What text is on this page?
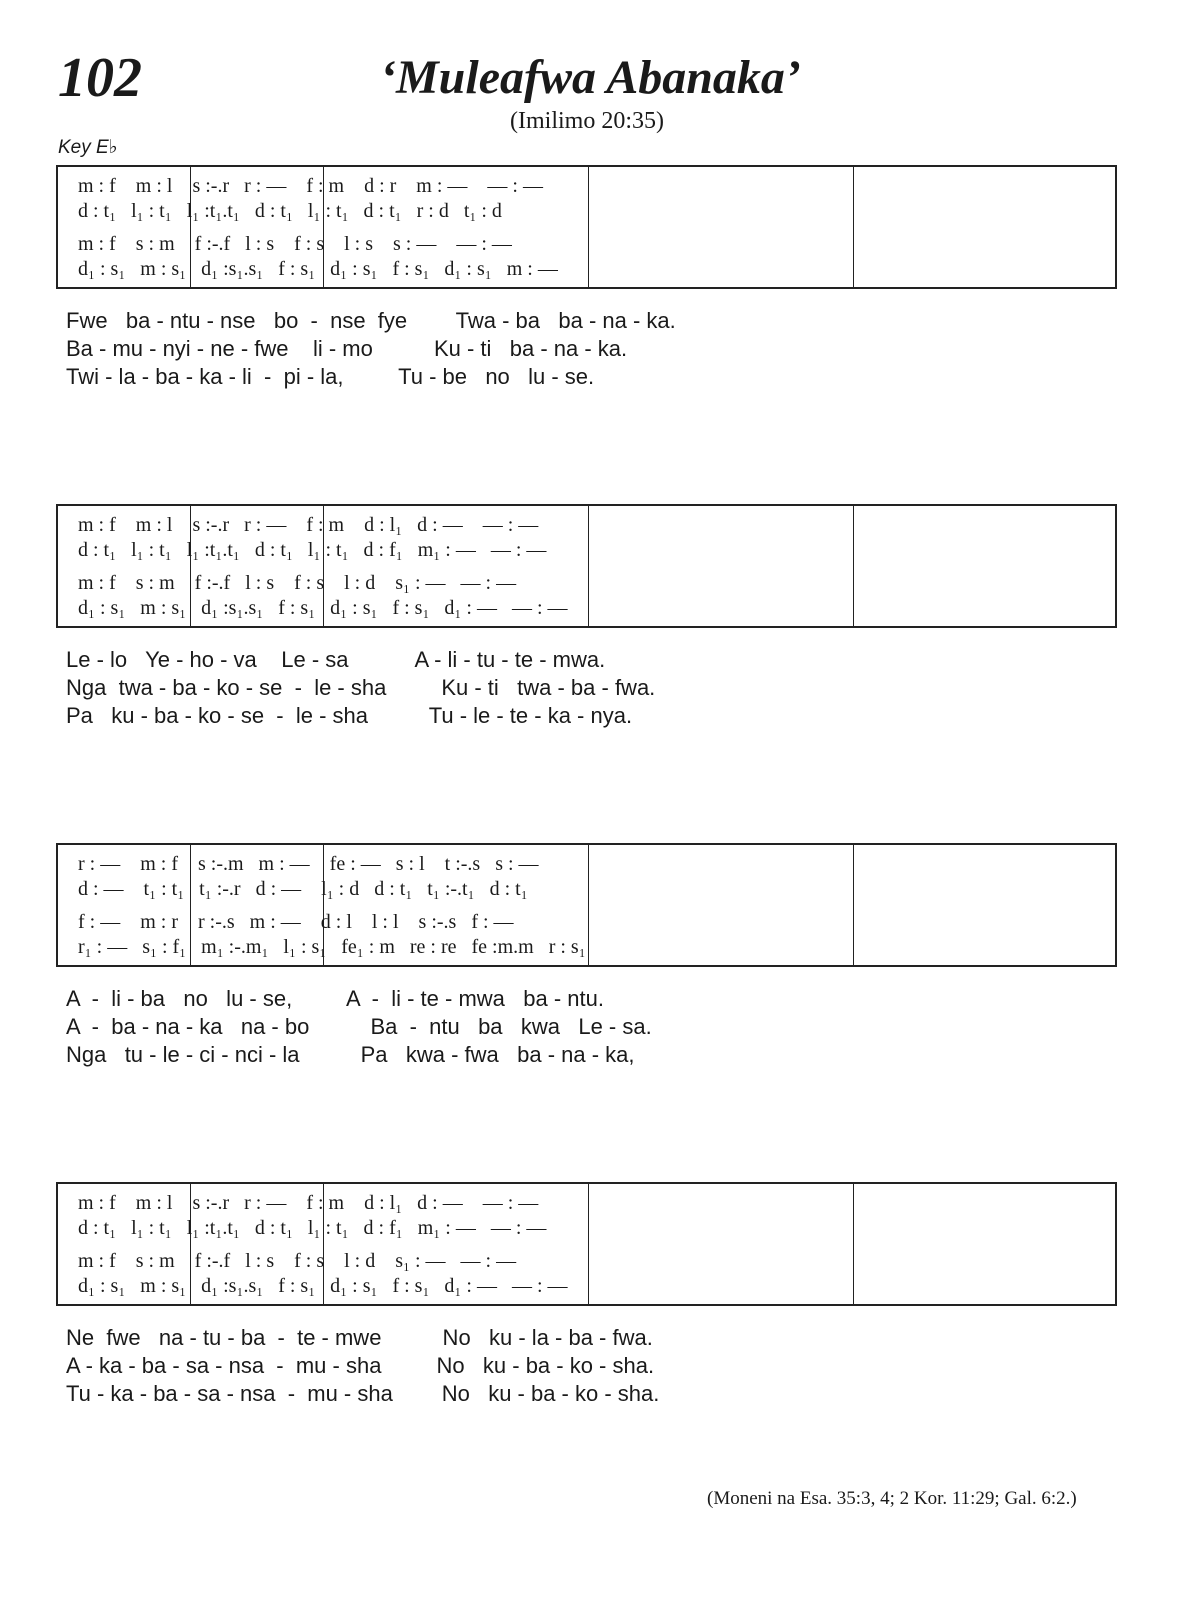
102	‘Muleafwa Abanaka’
(Imilimo 20:35)
Key E♭
m : f    m : l    s :-.r   r : —    f : m    d : r    m : —    — : —
d : t₁   l₁ : t₁   l₁ :t₁.t₁   d : t₁   l₁ : t₁   d : t₁   r : d   t₁ : d
m : f    s : m    f :-.f   l : s    f : s    l : s    s : —    — : —
d₁ : s₁   m : s₁   d₁ :s₁.s₁   f : s₁   d₁ : s₁   f : s₁   d₁ : s₁   m : —
Fwe   ba - ntu - nse   bo  -  nse  fye        Twa - ba   ba - na - ka.
Ba - mu - nyi - ne - fwe    li - mo          Ku - ti   ba - na - ka.
Twi - la - ba - ka - li  -  pi - la,         Tu - be   no   lu - se.
m : f    m : l    s :-.r   r : —    f : m    d : l₁   d : —    — : —
d : t₁   l₁ : t₁   l₁ :t₁.t₁   d : t₁   l₁ : t₁   d : f₁   m₁ : —   — : —
m : f    s : m    f :-.f   l : s    f : s    l : d    s₁ : —   — : —
d₁ : s₁   m : s₁   d₁ :s₁.s₁   f : s₁   d₁ : s₁   f : s₁   d₁ : —   — : —
Le - lo   Ye - ho - va    Le - sa           A - li - tu - te - mwa.
Nga  twa - ba - ko - se  -  le - sha         Ku - ti   twa - ba - fwa.
Pa   ku - ba - ko - se  -  le - sha          Tu - le - te - ka - nya.
r : —    m : f    s :-.m   m : —    fe : —   s : l    t :-.s   s : —
d : —    t₁ : t₁   t₁ :-.r   d : —    l₁ : d   d : t₁   t₁ :-.t₁   d : t₁
f : —    m : r    r :-.s   m : —    d : l    l : l    s :-.s   f : —
r₁ : —   s₁ : f₁   m₁ :-.m₁   l₁ : s₁   fe₁ : m   re : re   fe :m.m   r : s₁
A  -  li - ba   no   lu - se,         A  -  li - te - mwa   ba - ntu.
A  -  ba - na - ka   na - bo          Ba  -  ntu   ba   kwa   Le - sa.
Nga   tu - le - ci - nci - la          Pa   kwa - fwa   ba - na - ka,
m : f    m : l    s :-.r   r : —    f : m    d : l₁   d : —    — : —
d : t₁   l₁ : t₁   l₁ :t₁.t₁   d : t₁   l₁ : t₁   d : f₁   m₁ : —   — : —
m : f    s : m    f :-.f   l : s    f : s    l : d    s₁ : —   — : —
d₁ : s₁   m : s₁   d₁ :s₁.s₁   f : s₁   d₁ : s₁   f : s₁   d₁ : —   — : —
Ne  fwe   na - tu - ba  -  te - mwe          No   ku - la - ba - fwa.
A - ka - ba - sa - nsa  -  mu - sha         No   ku - ba - ko - sha.
Tu - ka - ba - sa - nsa  -  mu - sha        No   ku - ba - ko - sha.
(Moneni na Esa. 35:3, 4; 2 Kor. 11:29; Gal. 6:2.)
